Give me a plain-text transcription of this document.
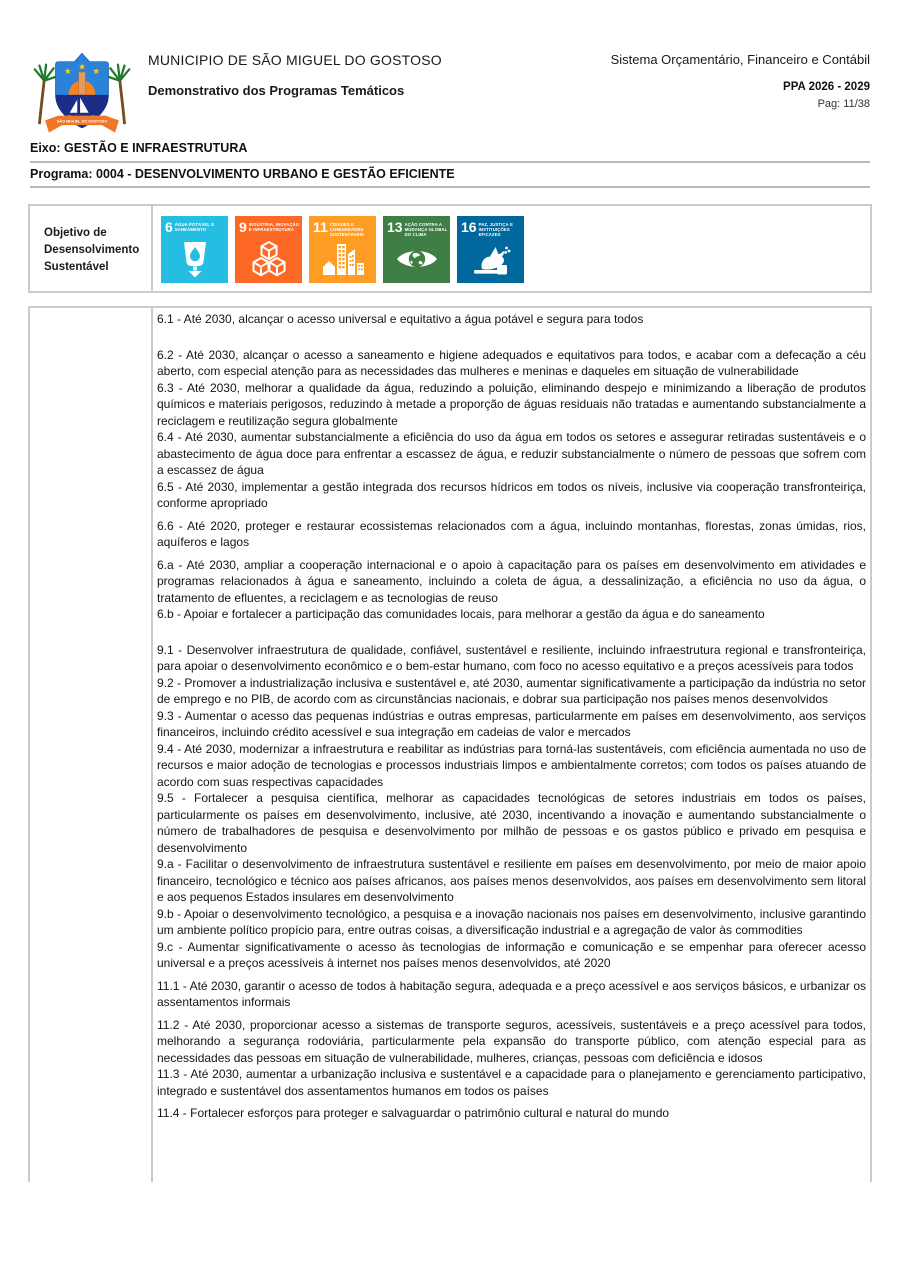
★ ★ ★
SÃO MIGUEL DO GOSTOSO
MUNICIPIO DE SÃO MIGUEL DO GOSTOSO
Demonstrativo dos Programas Temáticos
Sistema Orçamentário, Financeiro e Contábil
PPA 2026 - 2029
Pag: 11/38
Eixo: GESTÃO E INFRAESTRUTURA
Programa: 0004 - DESENVOLVIMENTO URBANO E GESTÃO EFICIENTE
Objetivo de Desensolvimento Sustentável
6 ÁGUA POTÁVEL E SANEAMENTO	9 INDÚSTRIA, INOVAÇÃO E INFRAESTRUTURA	11 CIDADES E COMUNIDADES SUSTENTÁVEIS	13 AÇÃO CONTRA A MUDANÇA GLOBAL DO CLIMA	16 PAZ, JUSTIÇA E INSTITUIÇÕES EFICAZES

6.1 - Até 2030, alcançar o acesso universal e equitativo a água potável e segura para todos

6.2 - Até 2030, alcançar o acesso a saneamento e higiene adequados e equitativos para todos, e acabar com a defecação a céu aberto, com especial atenção para as necessidades das mulheres e meninas e daqueles em situação de vulnerabilidade

6.3 - Até 2030, melhorar a qualidade da água, reduzindo a poluição, eliminando despejo e minimizando a liberação de produtos químicos e materiais perigosos, reduzindo à metade a proporção de águas residuais não tratadas e aumentando substancialmente a reciclagem e reutilização segura globalmente

6.4 - Até 2030, aumentar substancialmente a eficiência do uso da água em todos os setores e assegurar retiradas sustentáveis e o abastecimento de água doce para enfrentar a escassez de água, e reduzir substancialmente o número de pessoas que sofrem com a escassez de água

6.5 - Até 2030, implementar a gestão integrada dos recursos hídricos em todos os níveis, inclusive via cooperação transfronteiriça, conforme apropriado

6.6 - Até 2020, proteger e restaurar ecossistemas relacionados com a água, incluindo montanhas, florestas, zonas úmidas, rios, aquíferos e lagos

6.a - Até 2030, ampliar a cooperação internacional e o apoio à capacitação para os países em desenvolvimento em atividades e programas relacionados à água e saneamento, incluindo a coleta de água, a dessalinização, a eficiência no uso da água, o tratamento de efluentes, a reciclagem e as tecnologias de reuso

6.b - Apoiar e fortalecer a participação das comunidades locais, para melhorar a gestão da água e do saneamento

9.1 - Desenvolver infraestrutura de qualidade, confiável, sustentável e resiliente, incluindo infraestrutura regional e transfronteiriça, para apoiar o desenvolvimento econômico e o bem-estar humano, com foco no acesso equitativo e a preços acessíveis para todos

9.2 - Promover a industrialização inclusiva e sustentável e, até 2030, aumentar significativamente a participação da indústria no setor de emprego e no PIB, de acordo com as circunstâncias nacionais, e dobrar sua participação nos países menos desenvolvidos

9.3 - Aumentar o acesso das pequenas indústrias e outras empresas, particularmente em países em desenvolvimento, aos serviços financeiros, incluindo crédito acessível e sua integração em cadeias de valor e mercados

9.4 - Até 2030, modernizar a infraestrutura e reabilitar as indústrias para torná-las sustentáveis, com eficiência aumentada no uso de recursos e maior adoção de tecnologias e processos industriais limpos e ambientalmente corretos; com todos os países atuando de acordo com suas respectivas capacidades

9.5 - Fortalecer a pesquisa científica, melhorar as capacidades tecnológicas de setores industriais em todos os países, particularmente os países em desenvolvimento, inclusive, até 2030, incentivando a inovação e aumentando substancialmente o número de trabalhadores de pesquisa e desenvolvimento por milhão de pessoas e os gastos público e privado em pesquisa e desenvolvimento

9.a - Facilitar o desenvolvimento de infraestrutura sustentável e resiliente em países em desenvolvimento, por meio de maior apoio financeiro, tecnológico e técnico aos países africanos, aos países menos desenvolvidos, aos países em desenvolvimento sem litoral e aos pequenos Estados insulares em desenvolvimento

9.b - Apoiar o desenvolvimento tecnológico, a pesquisa e a inovação nacionais nos países em desenvolvimento, inclusive garantindo um ambiente político propício para, entre outras coisas, a diversificação industrial e a agregação de valor às commodities

9.c - Aumentar significativamente o acesso às tecnologias de informação e comunicação e se empenhar para oferecer acesso universal e a preços acessíveis à internet nos países menos desenvolvidos, até 2020

11.1 - Até 2030, garantir o acesso de todos à habitação segura, adequada e a preço acessível e aos serviços básicos, e urbanizar os assentamentos informais

11.2 - Até 2030, proporcionar acesso a sistemas de transporte seguros, acessíveis, sustentáveis e a preço acessível para todos, melhorando a segurança rodoviária, particularmente pela expansão do transporte público, com atenção especial para as necessidades das pessoas em situação de vulnerabilidade, mulheres, crianças, pessoas com deficiência e idosos

11.3 - Até 2030, aumentar a urbanização inclusiva e sustentável e a capacidade para o planejamento e gerenciamento participativo, integrado e sustentável dos assentamentos humanos em todos os países

11.4 - Fortalecer esforços para proteger e salvaguardar o patrimônio cultural e natural do mundo
